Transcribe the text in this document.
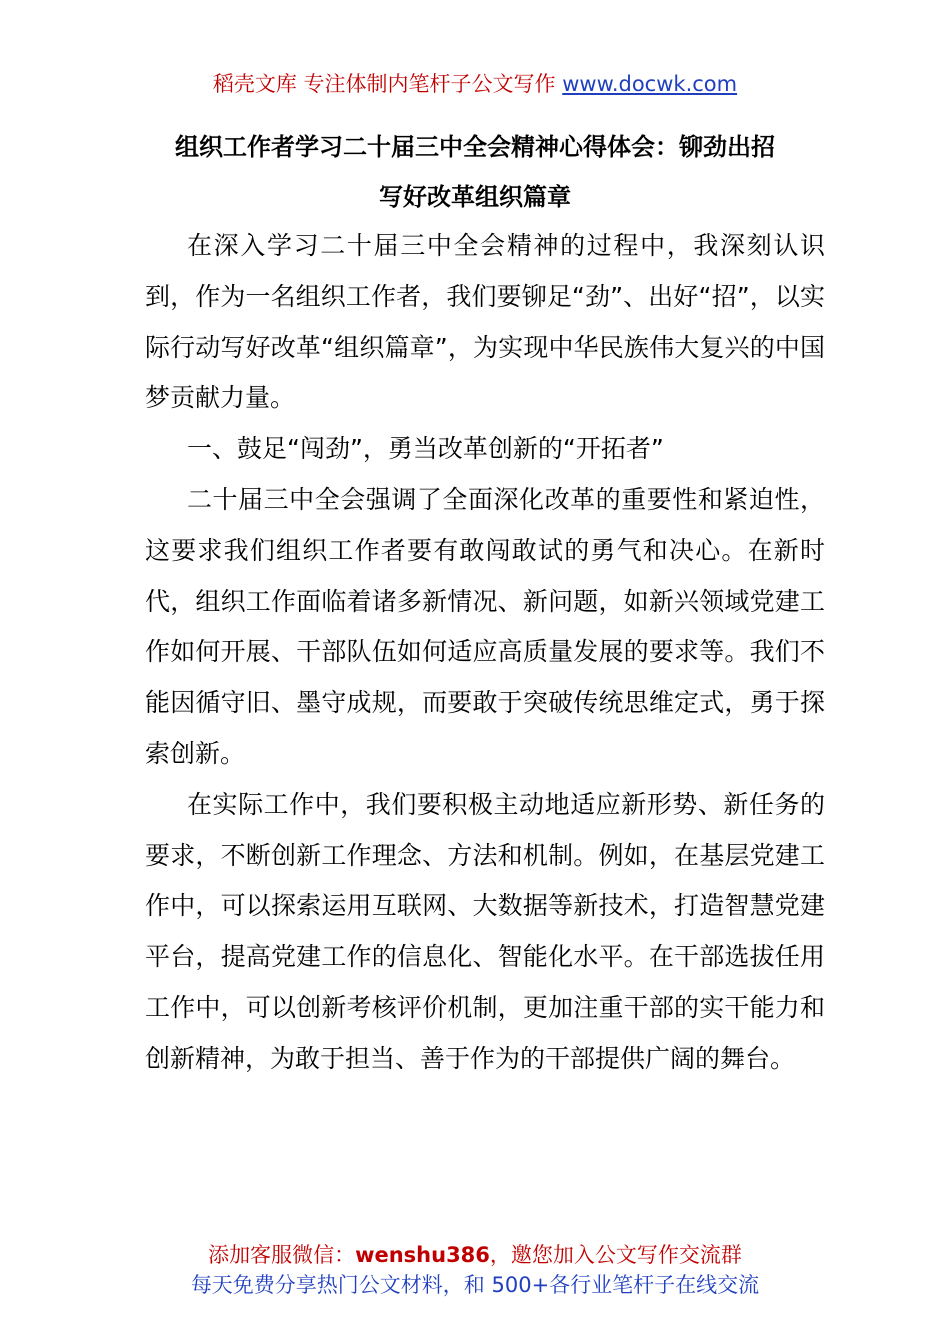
稻壳文库 专注体制内笔杆子公文写作 www.docwk.com
组织工作者学习二十届三中全会精神心得体会：铆劲出招
写好改革组织篇章

在深入学习二十届三中全会精神的过程中，我深刻认识到，作为一名组织工作者，我们要铆足“劲”、出好“招”，以实际行动写好改革“组织篇章”，为实现中华民族伟大复兴的中国梦贡献力量。

一、鼓足“闯劲”，勇当改革创新的“开拓者”

二十届三中全会强调了全面深化改革的重要性和紧迫性，这要求我们组织工作者要有敢闯敢试的勇气和决心。在新时代，组织工作面临着诸多新情况、新问题，如新兴领域党建工作如何开展、干部队伍如何适应高质量发展的要求等。我们不能因循守旧、墨守成规，而要敢于突破传统思维定式，勇于探索创新。

在实际工作中，我们要积极主动地适应新形势、新任务的要求，不断创新工作理念、方法和机制。例如，在基层党建工作中，可以探索运用互联网、大数据等新技术，打造智慧党建平台，提高党建工作的信息化、智能化水平。在干部选拔任用工作中，可以创新考核评价机制，更加注重干部的实干能力和创新精神，为敢于担当、善于作为的干部提供广阔的舞台。

添加客服微信：wenshu386，邀您加入公文写作交流群
每天免费分享热门公文材料，和 500+各行业笔杆子在线交流
